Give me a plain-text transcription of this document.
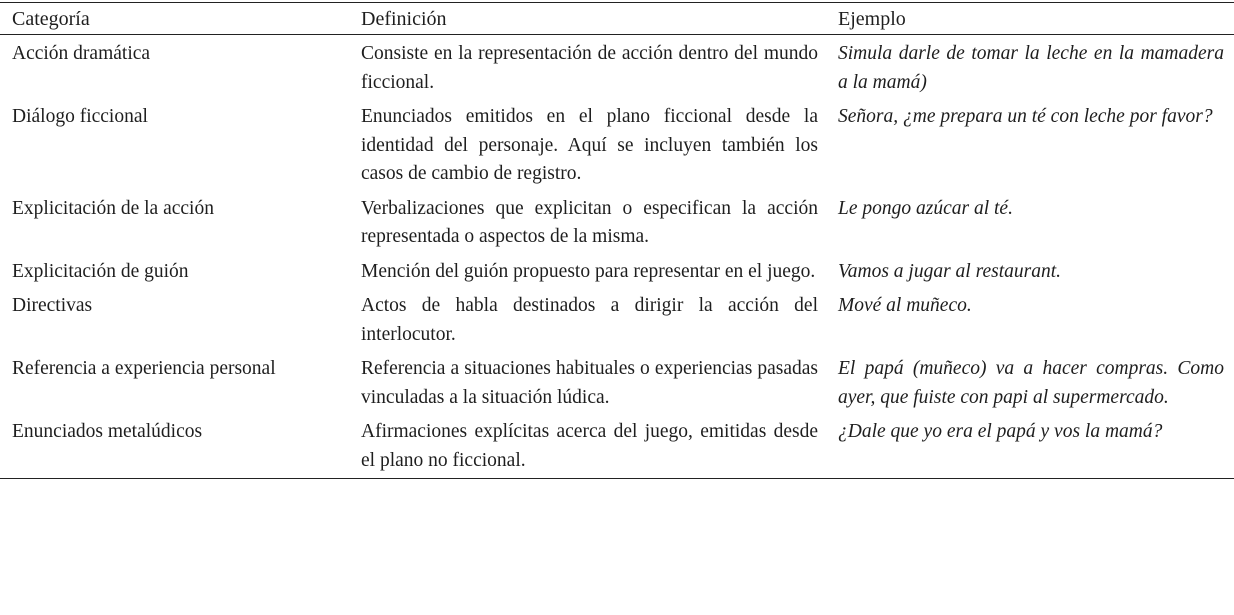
Categoría	Definición	Ejemplo
Acción dramática	Consiste en la representación de acción dentro del mundo ficcional.	Simula darle de tomar la leche en la mamadera a la mamá)
Diálogo ficcional	Enunciados emitidos en el plano ficcional desde la identidad del personaje. Aquí se incluyen también los casos de cambio de registro.	Señora, ¿me prepara un té con leche por favor?
Explicitación de la acción	Verbalizaciones que explicitan o especifican la acción representada o aspectos de la misma.	Le pongo azúcar al té.
Explicitación de guión	Mención del guión propuesto para representar en el juego.	Vamos a jugar al restaurant.
Directivas	Actos de habla destinados a dirigir la acción del interlocutor.	Mové al muñeco.
Referencia a experiencia personal	Referencia a situaciones habituales o experiencias pasadas vinculadas a la situación lúdica.	El papá (muñeco) va a hacer compras. Como ayer, que fuiste con papi al supermercado.
Enunciados metalúdicos	Afirmaciones explícitas acerca del juego, emitidas desde el plano no ficcional.	¿Dale que yo era el papá y vos la mamá?
